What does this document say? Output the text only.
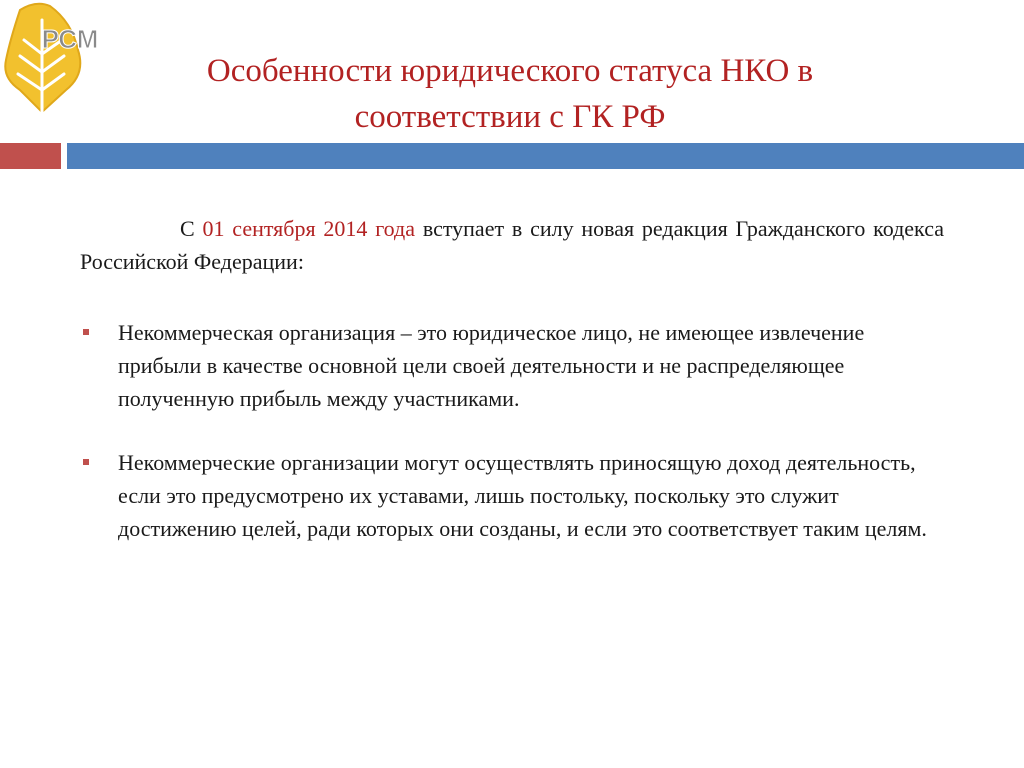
РСМ
Особенности юридического статуса НКО в соответствии с ГК РФ

С 01 сентября 2014 года вступает в силу новая редакция Гражданского кодекса Российской Федерации:

Некоммерческая организация – это юридическое лицо, не имеющее извлечение прибыли в качестве основной цели своей деятельности и не распределяющее полученную прибыль между участниками.
Некоммерческие организации могут осуществлять приносящую доход деятельность, если это предусмотрено их уставами, лишь постольку, поскольку это служит достижению целей, ради которых они созданы, и если это соответствует таким целям.
